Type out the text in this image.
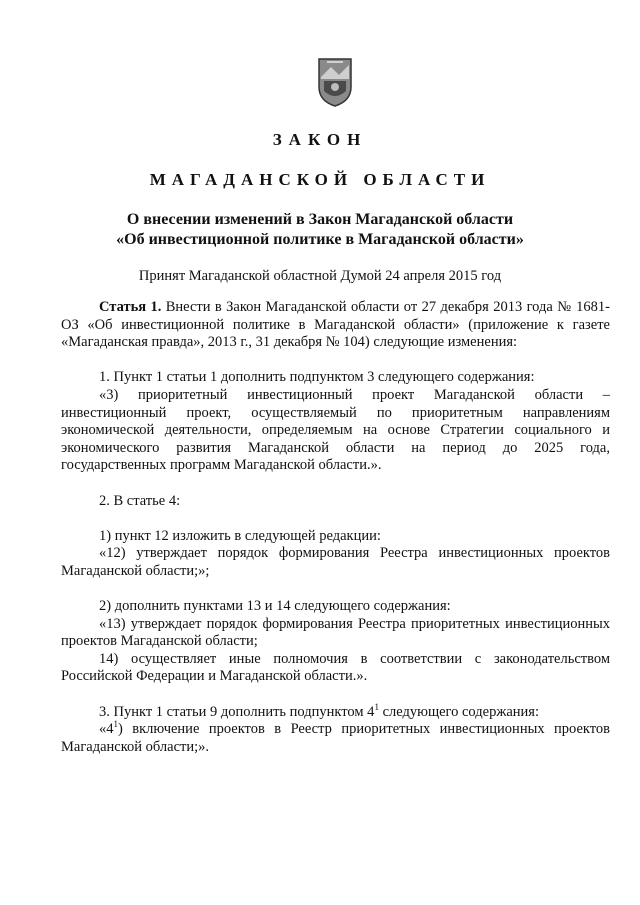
ЗАКОН
МАГАДАНСКОЙ ОБЛАСТИ
О внесении изменений в Закон Магаданской области
«Об инвестиционной политике в Магаданской области»
Принят Магаданской областной Думой 24 апреля 2015 год

Статья 1. Внести в Закон Магаданской области от 27 декабря 2013 года № 1681-ОЗ «Об инвестиционной политике в Магаданской области» (приложение к газете «Магаданская правда», 2013 г., 31 декабря № 104) следующие изменения:

1. Пункт 1 статьи 1 дополнить подпунктом 3 следующего содержания:

«3) приоритетный инвестиционный проект Магаданской области – инвестиционный проект, осуществляемый по приоритетным направлениям экономической деятельности, определяемым на основе Стратегии социального и экономического развития Магаданской области на период до 2025 года, государственных программ Магаданской области.».

2. В статье 4:

1) пункт 12 изложить в следующей редакции:

«12) утверждает порядок формирования Реестра инвестиционных проектов Магаданской области;»;

2) дополнить пунктами 13 и 14 следующего содержания:

«13) утверждает порядок формирования Реестра приоритетных инвестиционных проектов Магаданской области;

14) осуществляет иные полномочия в соответствии с законодательством Российской Федерации и Магаданской области.».

3. Пункт 1 статьи 9 дополнить подпунктом $4^1$ следующего содержания:

«$4^1$) включение проектов в Реестр приоритетных инвестиционных проектов Магаданской области;».
